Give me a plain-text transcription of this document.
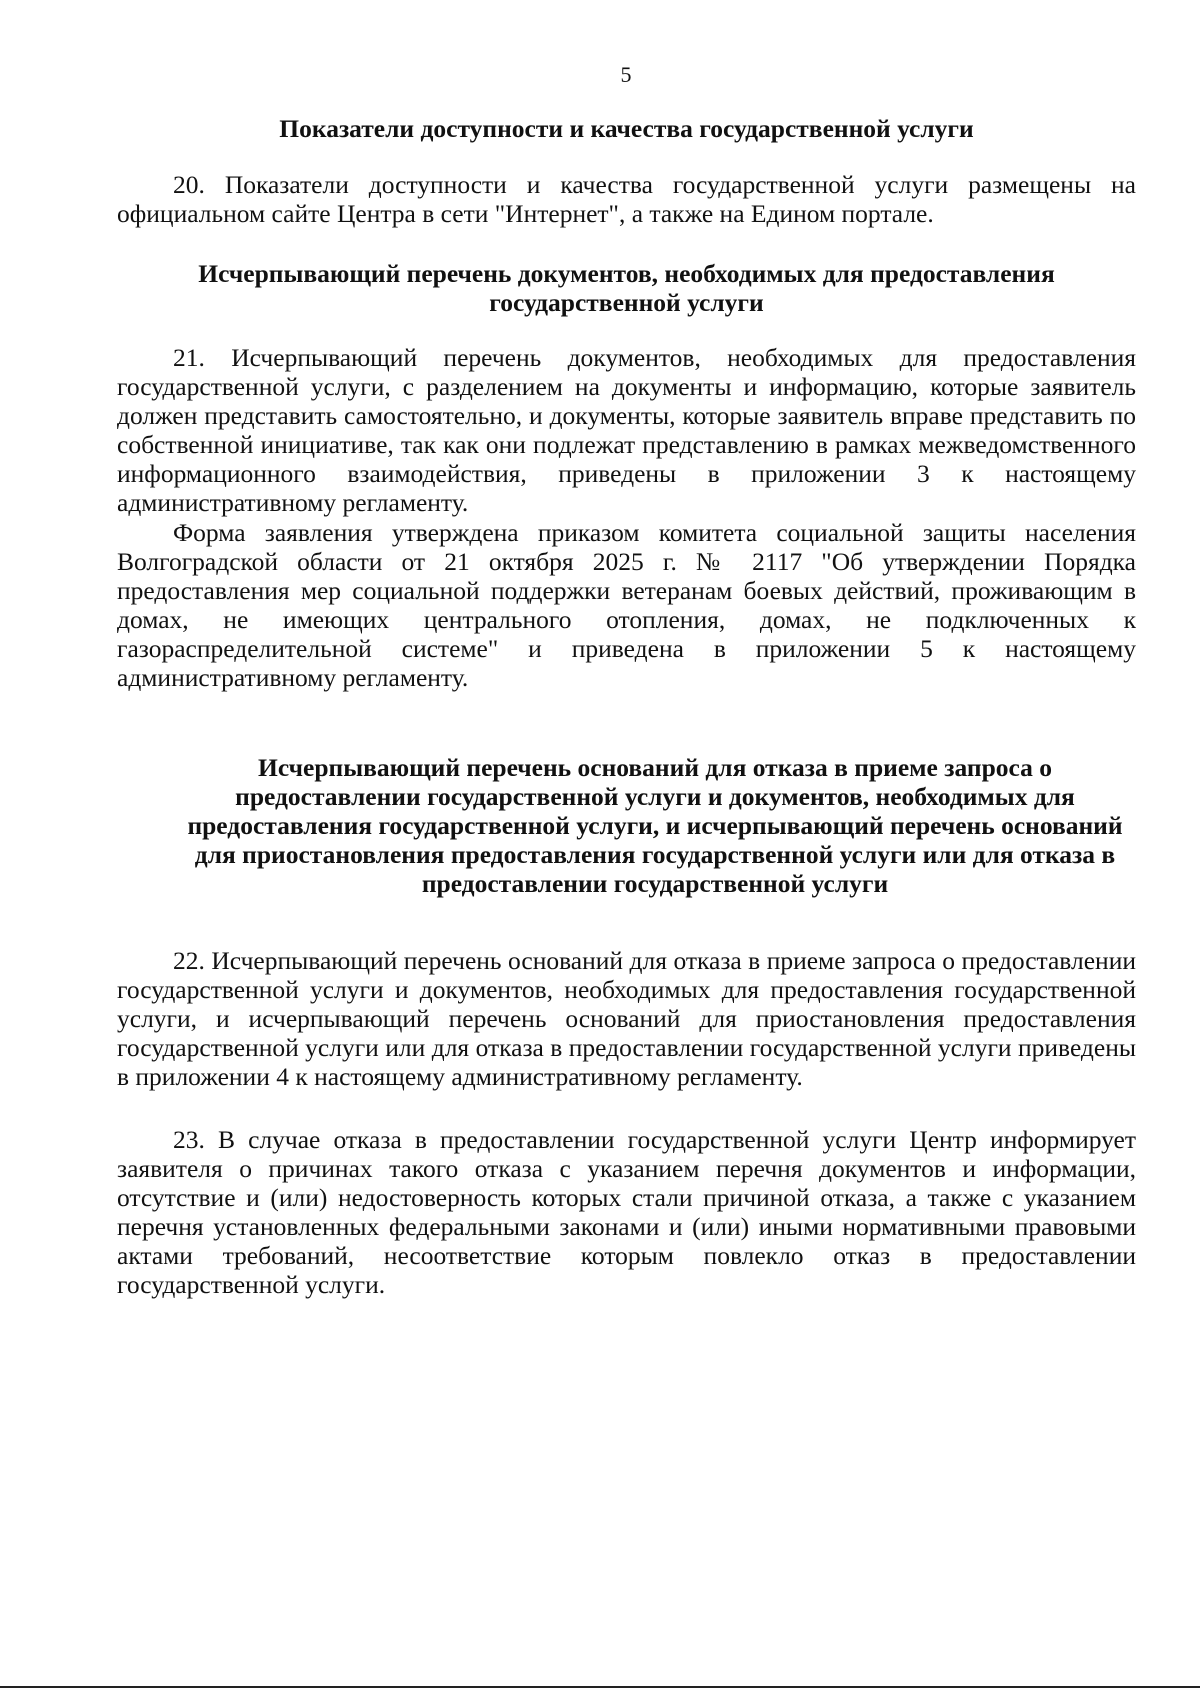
5
Показатели доступности и качества государственной услуги
20. Показатели доступности и качества государственной услуги размещены на официальном сайте Центра в сети "Интернет", а также на Едином портале.
Исчерпывающий перечень документов, необходимых для предоставления государственной услуги
21. Исчерпывающий перечень документов, необходимых для предоставления государственной услуги, с разделением на документы и информацию, которые заявитель должен представить самостоятельно, и документы, которые заявитель вправе представить по собственной инициативе, так как они подлежат представлению в рамках межведомственного информационного взаимодействия, приведены в приложении 3 к настоящему административному регламенту.
Форма заявления утверждена приказом комитета социальной защиты населения Волгоградской области от 21 октября 2025 г. № 2117 "Об утверждении Порядка предоставления мер социальной поддержки ветеранам боевых действий, проживающим в домах, не имеющих центрального отопления, домах, не подключенных к газораспределительной системе" и приведена в приложении 5 к настоящему административному регламенту.
Исчерпывающий перечень оснований для отказа в приеме запроса о предоставлении государственной услуги и документов, необходимых для предоставления государственной услуги, и исчерпывающий перечень оснований для приостановления предоставления государственной услуги или для отказа в предоставлении государственной услуги
22. Исчерпывающий перечень оснований для отказа в приеме запроса о предоставлении государственной услуги и документов, необходимых для предоставления государственной услуги, и исчерпывающий перечень оснований для приостановления предоставления государственной услуги или для отказа в предоставлении государственной услуги приведены в приложении 4 к настоящему административному регламенту.
23. В случае отказа в предоставлении государственной услуги Центр информирует заявителя о причинах такого отказа с указанием перечня документов и информации, отсутствие и (или) недостоверность которых стали причиной отказа, а также с указанием перечня установленных федеральными законами и (или) иными нормативными правовыми актами требований, несоответствие которым повлекло отказ в предоставлении государственной услуги.
